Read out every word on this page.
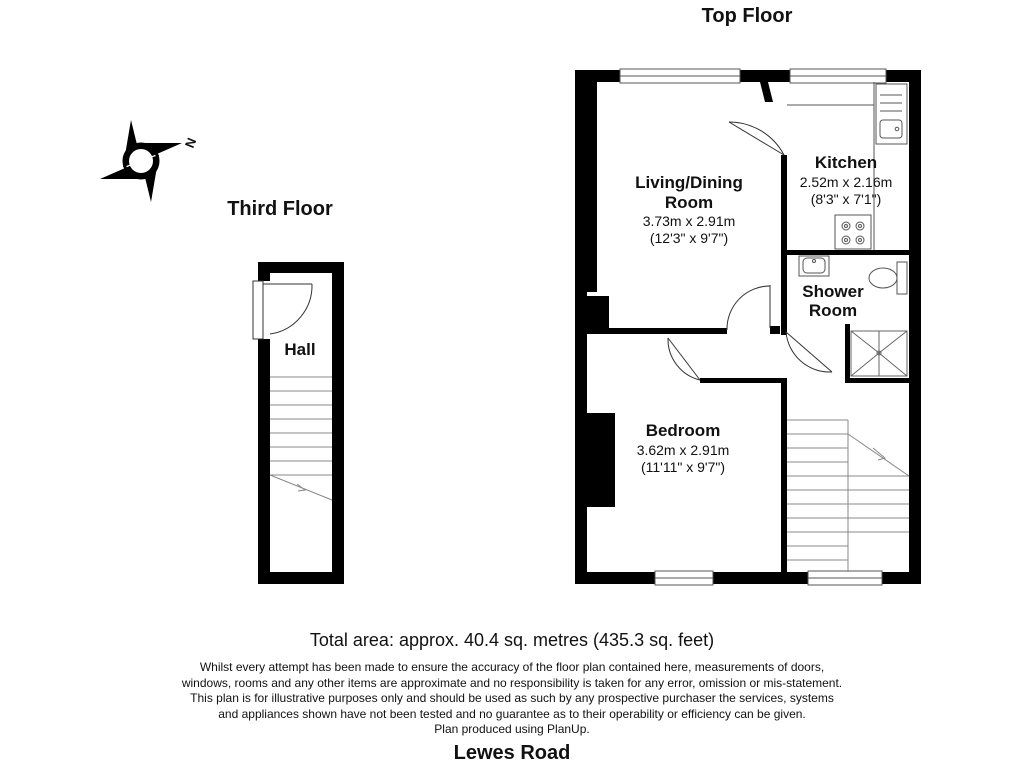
Top Floor
Living/Dining
Room
3.73m x 2.91m
(12'3" x 9'7")
Kitchen
2.52m x 2.16m
(8'3" x 7'1")
Shower
Room
Bedroom
3.62m x 2.91m
(11'11" x 9'7")
Third Floor
Hall
N
Total area: approx. 40.4 sq. metres (435.3 sq. feet)
Whilst every attempt has been made to ensure the accuracy of the floor plan contained here, measurements of doors,
windows, rooms and any other items are approximate and no responsibility is taken for any error, omission or mis-statement.
This plan is for illustrative purposes only and should be used as such by any prospective purchaser the services, systems
and appliances shown have not been tested and no guarantee as to their operability or efficiency can be given.
Plan produced using PlanUp.
Lewes Road
